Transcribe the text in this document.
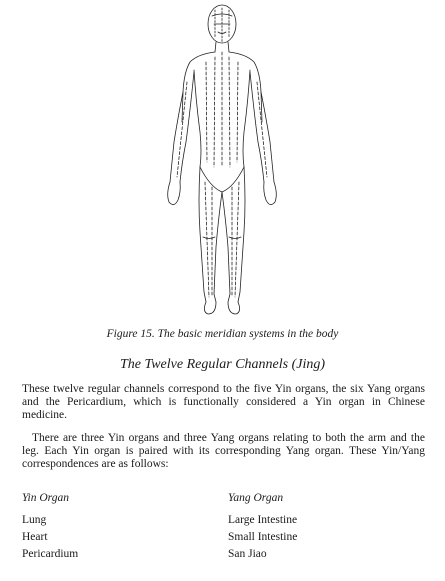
Figure 15. The basic meridian systems in the body
The Twelve Regular Channels (Jing)

These twelve regular channels correspond to the five Yin organs, the six Yang organs and the Pericardium, which is functionally considered a Yin organ in Chinese medicine.

There are three Yin organs and three Yang organs relating to both the arm and the leg. Each Yin organ is paired with its corresponding Yang organ. These Yin/Yang correspondences are as follows:

Yin Organ	Yang Organ
Lung	Large Intestine
Heart	Small Intestine
Pericardium	San Jiao
